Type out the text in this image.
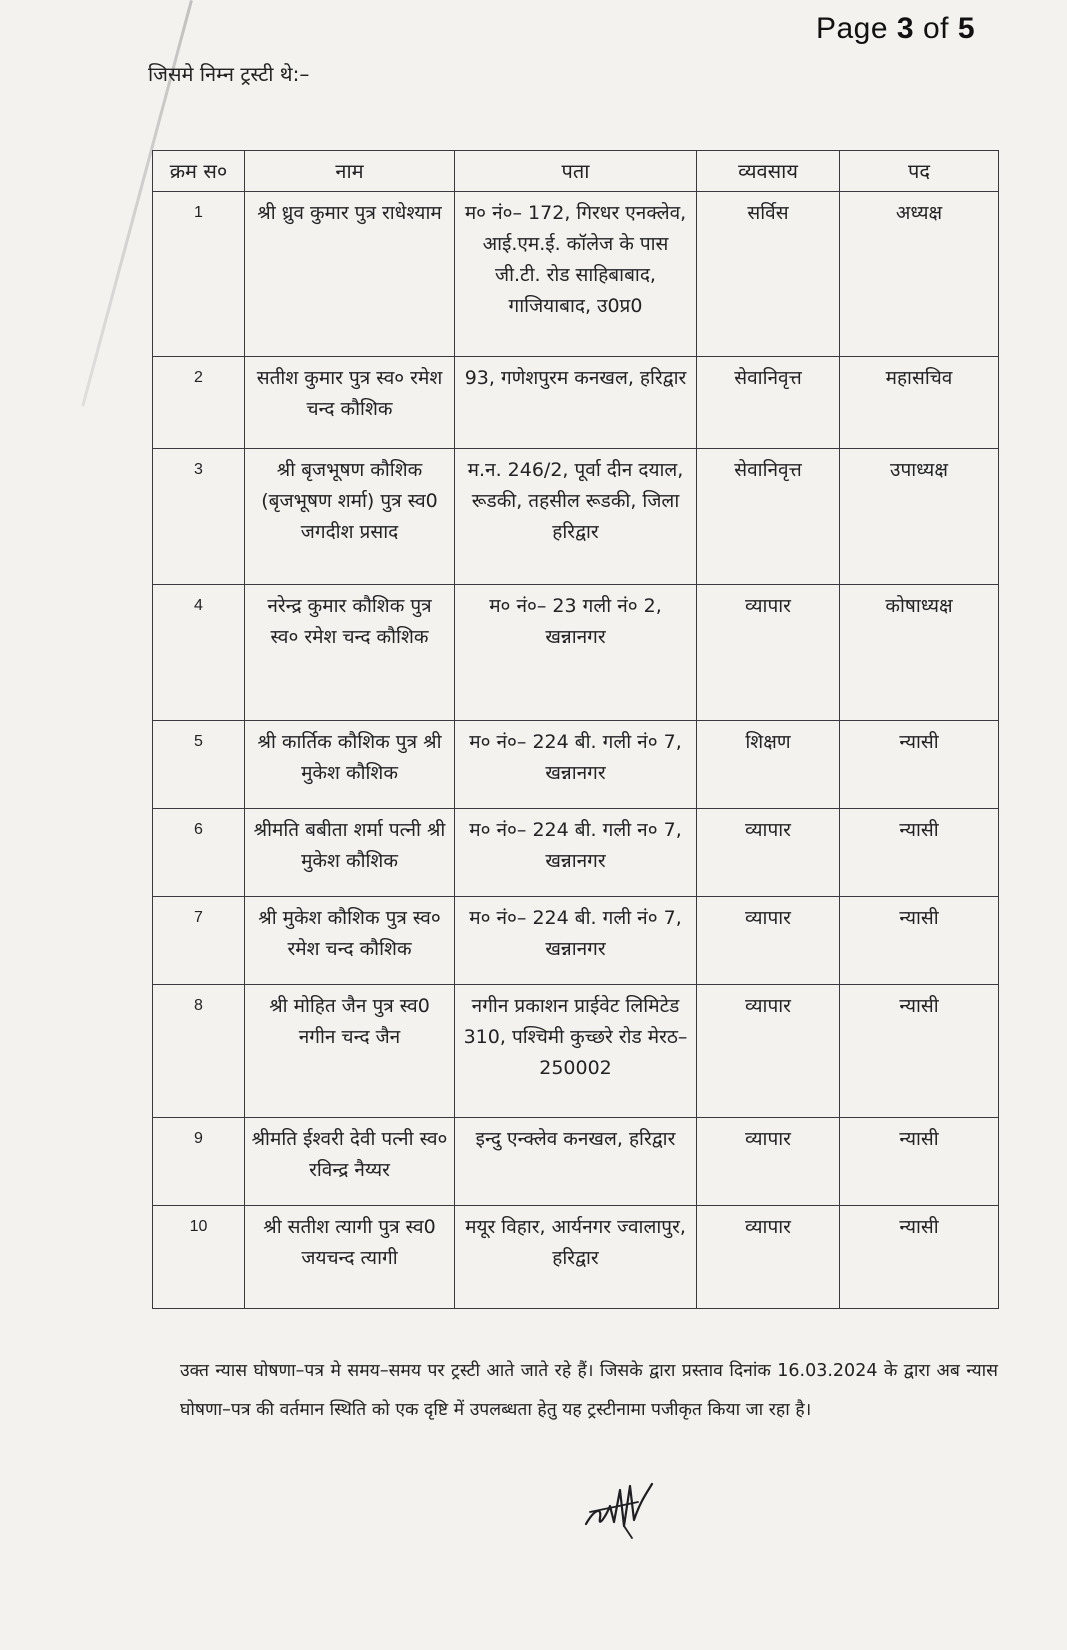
Page 3 of 5
जिसमे निम्न ट्रस्टी थे:–
क्रम स०	नाम	पता	व्यवसाय	पद
1	श्री ध्रुव कुमार पुत्र राधेश्याम	म० नं०– 172, गिरधर एनक्लेव, आई.एम.ई. कॉलेज के पास जी.टी. रोड साहिबाबाद, गाजियाबाद, उ0प्र0	सर्विस	अध्यक्ष
2	सतीश कुमार पुत्र स्व० रमेश चन्द कौशिक	93, गणेशपुरम कनखल, हरिद्वार	सेवानिवृत्त	महासचिव
3	श्री बृजभूषण कौशिक (बृजभूषण शर्मा) पुत्र स्व0 जगदीश प्रसाद	म.न. 246/2, पूर्वा दीन दयाल, रूडकी, तहसील रूडकी, जिला हरिद्वार	सेवानिवृत्त	उपाध्यक्ष
4	नरेन्द्र कुमार कौशिक पुत्र स्व० रमेश चन्द कौशिक	म० नं०– 23 गली नं० 2, खन्नानगर	व्यापार	कोषाध्यक्ष
5	श्री कार्तिक कौशिक पुत्र श्री मुकेश कौशिक	म० नं०– 224 बी. गली नं० 7, खन्नानगर	शिक्षण	न्यासी
6	श्रीमति बबीता शर्मा पत्नी श्री मुकेश कौशिक	म० नं०– 224 बी. गली न० 7, खन्नानगर	व्यापार	न्यासी
7	श्री मुकेश कौशिक पुत्र स्व० रमेश चन्द कौशिक	म० नं०– 224 बी. गली नं० 7, खन्नानगर	व्यापार	न्यासी
8	श्री मोहित जैन पुत्र स्व0 नगीन चन्द जैन	नगीन प्रकाशन प्राईवेट लिमिटेड 310, पश्चिमी कुच्छरे रोड मेरठ–250002	व्यापार	न्यासी
9	श्रीमति ईश्वरी देवी पत्नी स्व० रविन्द्र नैय्यर	इन्दु एन्क्लेव कनखल, हरिद्वार	व्यापार	न्यासी
10	श्री सतीश त्यागी पुत्र स्व0 जयचन्द त्यागी	मयूर विहार, आर्यनगर ज्वालापुर, हरिद्वार	व्यापार	न्यासी
उक्त न्यास घोषणा–पत्र मे समय–समय पर ट्रस्टी आते जाते रहे हैं। जिसके द्वारा प्रस्ताव दिनांक 16.03.2024 के द्वारा अब न्यास घोषणा–पत्र की वर्तमान स्थिति को एक दृष्टि में उपलब्धता हेतु यह ट्रस्टीनामा पजीकृत किया जा रहा है।
